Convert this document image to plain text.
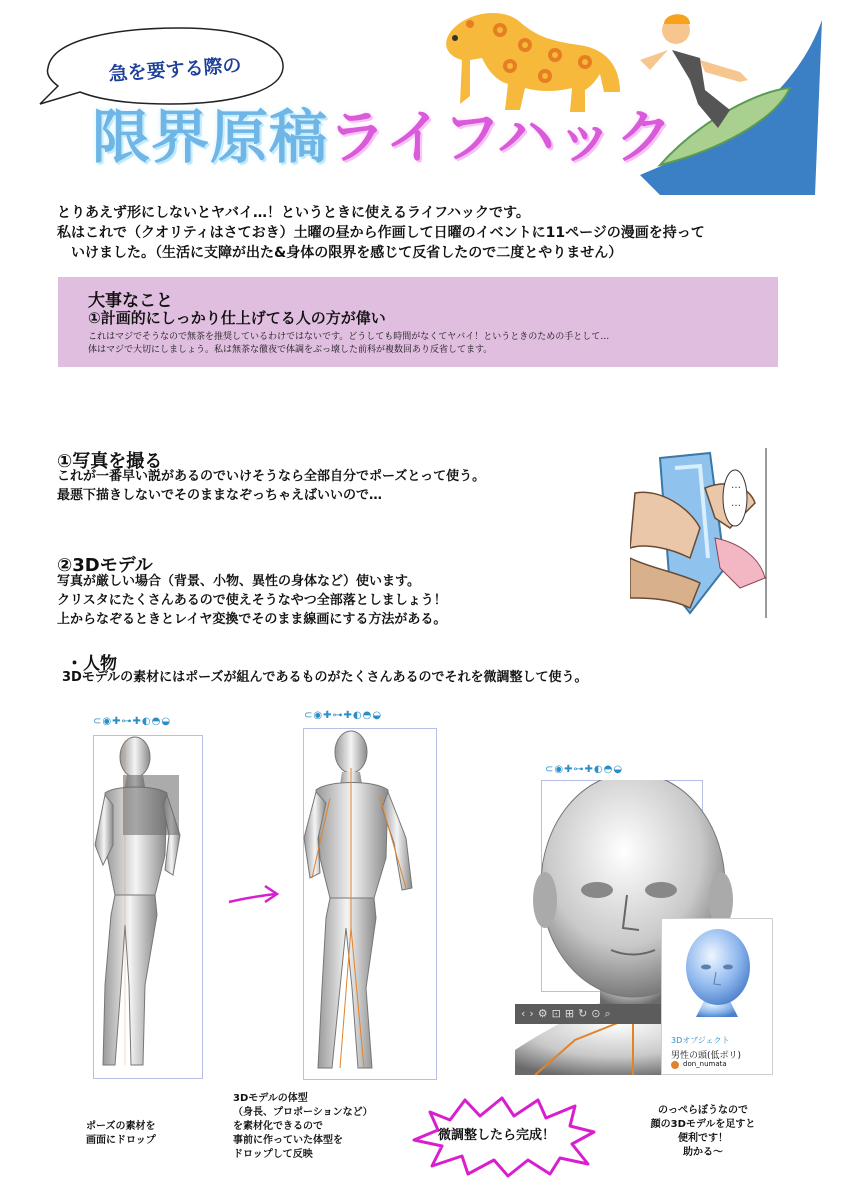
急を要する際の
限界原稿ライフハック
とりあえず形にしないとヤバイ…！というときに使えるライフハックです。
私はこれで（クオリティはさておき）土曜の昼から作画して日曜のイベントに11ページの漫画を持って
いけました。（生活に支障が出た&身体の限界を感じて反省したので二度とやりません）
大事なこと
①計画的にしっかり仕上げてる人の方が偉い
これはマジでそうなので無茶を推奨しているわけではないです。どうしても時間がなくてヤバイ！というときのための手として…
体はマジで大切にしましょう。私は無茶な徹夜で体調をぶっ壊した前科が複数回あり反省してます。
①写真を撮る
これが一番早い説があるのでいけそうなら全部自分でポーズとって使う。
最悪下描きしないでそのままなぞっちゃえばいいので…
…
…
②3Dモデル
写真が厳しい場合（背景、小物、異性の身体など）使います。
クリスタにたくさんあるので使えそうなやつ全部落としましょう！
上からなぞるときとレイヤ変換でそのまま線画にする方法がある。
・人物
3Dモデルの素材にはポーズが組んであるものがたくさんあるのでそれを微調整して使う。
⊂◉✚⊶✚◐◓◒
ポーズの素材を
画面にドロップ
⊂◉✚⊶✚◐◓◒
3Dモデルの体型
（身長、プロポーションなど）
を素材化できるので
事前に作っていた体型を
ドロップして反映
微調整したら完成！
⊂◉✚⊶✚◐◓◒
‹›⚙⊡⊞↻⊙⌕
3Dオブジェクト
男性の頭(低ポリ)
don_numata
のっぺらぼうなので
顔の3Dモデルを足すと
便利です！
助かる〜
